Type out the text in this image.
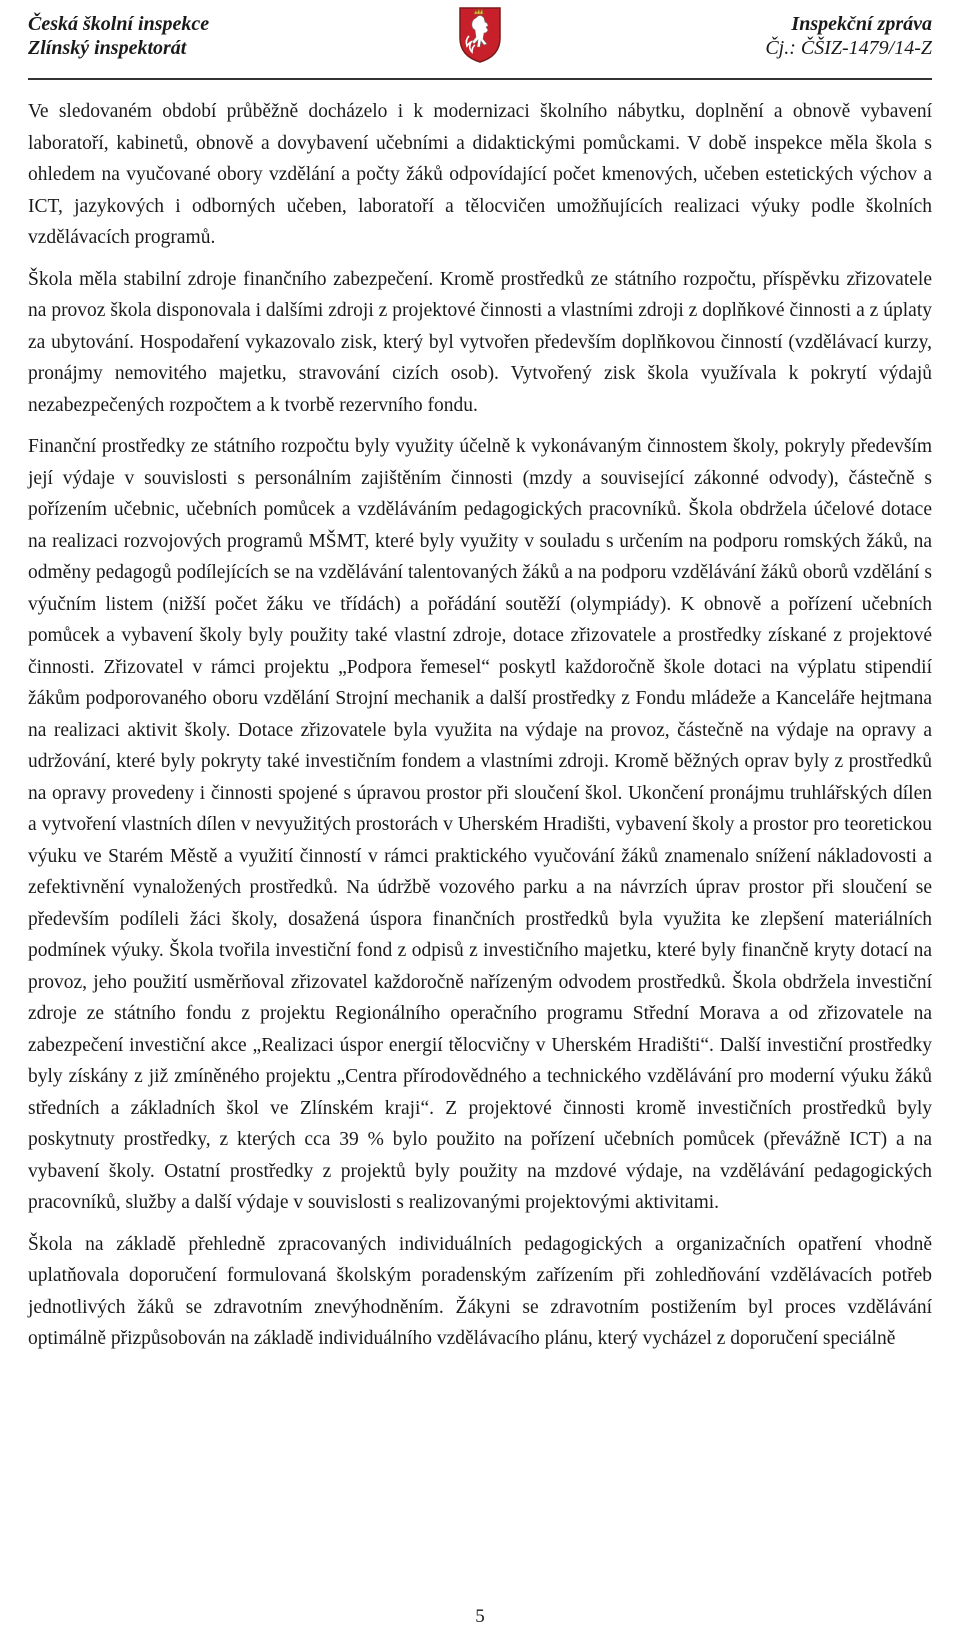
Česká školní inspekce
Zlínský inspektorát
Inspekční zpráva
Čj.: ČŠIZ-1479/14-Z

Ve sledovaném období průběžně docházelo i k modernizaci školního nábytku, doplnění a obnově vybavení laboratoří, kabinetů, obnově a dovybavení učebními a didaktickými pomůckami. V době inspekce měla škola s ohledem na vyučované obory vzdělání a počty žáků odpovídající počet kmenových, učeben estetických výchov a ICT, jazykových i odborných učeben, laboratoří a tělocvičen umožňujících realizaci výuky podle školních vzdělávacích programů.

Škola měla stabilní zdroje finančního zabezpečení. Kromě prostředků ze státního rozpočtu, příspěvku zřizovatele na provoz škola disponovala i dalšími zdroji z projektové činnosti a vlastními zdroji z doplňkové činnosti a z úplaty za ubytování. Hospodaření vykazovalo zisk, který byl vytvořen především doplňkovou činností (vzdělávací kurzy, pronájmy nemovitého majetku, stravování cizích osob). Vytvořený zisk škola využívala k pokrytí výdajů nezabezpečených rozpočtem a k tvorbě rezervního fondu.

Finanční prostředky ze státního rozpočtu byly využity účelně k vykonávaným činnostem školy, pokryly především její výdaje v souvislosti s personálním zajištěním činnosti (mzdy a související zákonné odvody), částečně s pořízením učebnic, učebních pomůcek a vzděláváním pedagogických pracovníků. Škola obdržela účelové dotace na realizaci rozvojových programů MŠMT, které byly využity v souladu s určením na podporu romských žáků, na odměny pedagogů podílejících se na vzdělávání talentovaných žáků a na podporu vzdělávání žáků oborů vzdělání s výučním listem (nižší počet žáku ve třídách) a pořádání soutěží (olympiády). K obnově a pořízení učebních pomůcek a vybavení školy byly použity také vlastní zdroje, dotace zřizovatele a prostředky získané z projektové činnosti. Zřizovatel v rámci projektu „Podpora řemesel“ poskytl každoročně škole dotaci na výplatu stipendií žákům podporovaného oboru vzdělání Strojní mechanik a další prostředky z Fondu mládeže a Kanceláře hejtmana na realizaci aktivit školy. Dotace zřizovatele byla využita na výdaje na provoz, částečně na výdaje na opravy a udržování, které byly pokryty také investičním fondem a vlastními zdroji. Kromě běžných oprav byly z prostředků na opravy provedeny i činnosti spojené s úpravou prostor při sloučení škol. Ukončení pronájmu truhlářských dílen a vytvoření vlastních dílen v nevyužitých prostorách v Uherském Hradišti, vybavení školy a prostor pro teoretickou výuku ve Starém Městě a využití činností v rámci praktického vyučování žáků znamenalo snížení nákladovosti a zefektivnění vynaložených prostředků. Na údržbě vozového parku a na návrzích úprav prostor při sloučení se především podíleli žáci školy, dosažená úspora finančních prostředků byla využita ke zlepšení materiálních podmínek výuky. Škola tvořila investiční fond z odpisů z investičního majetku, které byly finančně kryty dotací na provoz, jeho použití usměrňoval zřizovatel každoročně nařízeným odvodem prostředků. Škola obdržela investiční zdroje ze státního fondu z projektu Regionálního operačního programu Střední Morava a od zřizovatele na zabezpečení investiční akce „Realizaci úspor energií tělocvičny v Uherském Hradišti“. Další investiční prostředky byly získány z již zmíněného projektu „Centra přírodovědného a technického vzdělávání pro moderní výuku žáků středních a základních škol ve Zlínském kraji“. Z projektové činnosti kromě investičních prostředků byly poskytnuty prostředky, z kterých cca 39 % bylo použito na pořízení učebních pomůcek (převážně ICT) a na vybavení školy. Ostatní prostředky z projektů byly použity na mzdové výdaje, na vzdělávání pedagogických pracovníků, služby a další výdaje v souvislosti s realizovanými projektovými aktivitami.

Škola na základě přehledně zpracovaných individuálních pedagogických a organizačních opatření vhodně uplatňovala doporučení formulovaná školským poradenským zařízením při zohledňování vzdělávacích potřeb jednotlivých žáků se zdravotním znevýhodněním. Žákyni se zdravotním postižením byl proces vzdělávání optimálně přizpůsobován na základě individuálního vzdělávacího plánu, který vycházel z doporučení speciálně

5
